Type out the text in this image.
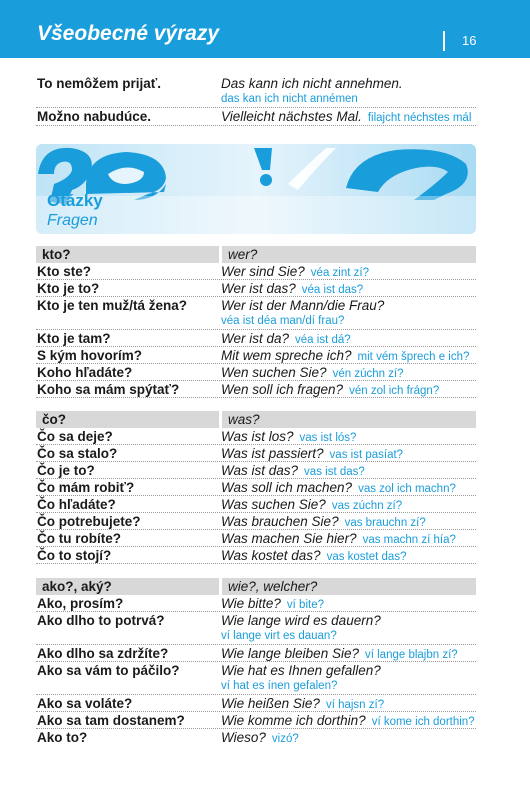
Všeobecné výrazy	16
To nemôžem prijať.	Das kann ich nicht annehmen.
das kan ich nicht annémen
Možno nabudúce.	Vielleicht nächstes Mal. filajcht néchstes mál
Otázky
Fragen
kto?	wer?
Kto ste?	Wer sind Sie? véa zint zí?
Kto je to?	Wer ist das? véa ist das?
Kto je ten muž/tá žena?	Wer ist der Mann/die Frau?
véa ist déa man/dí frau?
Kto je tam?	Wer ist da? véa ist dá?
S kým hovorím?	Mit wem spreche ich? mit vém šprech e ich?
Koho hľadáte?	Wen suchen Sie? vén zúchn zí?
Koho sa mám spýtať?	Wen soll ich fragen? vén zol ich frágn?
čo?	was?
Čo sa deje?	Was ist los? vas ist lós?
Čo sa stalo?	Was ist passiert? vas ist pasíat?
Čo je to?	Was ist das? vas ist das?
Čo mám robiť?	Was soll ich machen? vas zol ich machn?
Čo hľadáte?	Was suchen Sie? vas zúchn zí?
Čo potrebujete?	Was brauchen Sie? vas brauchn zí?
Čo tu robíte?	Was machen Sie hier? vas machn zí híа?
Čo to stojí?	Was kostet das? vas kostet das?
ako?, aký?	wie?, welcher?
Ako, prosím?	Wie bitte? ví bite?
Ako dlho to potrvá?	Wie lange wird es dauern?
ví lange virt es dauan?
Ako dlho sa zdržíte?	Wie lange bleiben Sie? ví lange blajbn zí?
Ako sa vám to páčilo?	Wie hat es Ihnen gefallen?
ví hat es ínen gefalen?
Ako sa voláte?	Wie heißen Sie? ví hajsn zí?
Ako sa tam dostanem?	Wie komme ich dorthin? ví kome ich dorthin?
Ako to?	Wieso? vizó?
